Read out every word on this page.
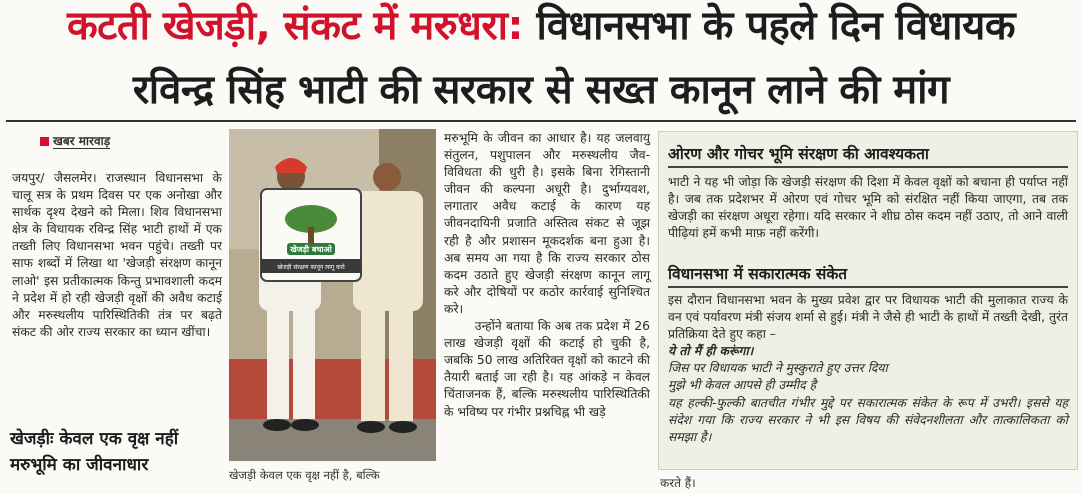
कटती खेजड़ी, संकट में मरुधरा: विधानसभा के पहले दिन विधायक
रविन्द्र सिंह भाटी की सरकार से सख्त कानून लाने की मांग
खबर मारवाड़

जयपुर/ जैसलमेर। राजस्थान विधानसभा के चालू सत्र के प्रथम दिवस पर एक अनोखा और सार्थक दृश्य देखने को मिला। शिव विधानसभा क्षेत्र के विधायक रविन्द्र सिंह भाटी हाथों में एक तख्ती लिए विधानसभा भवन पहुंचे। तख्ती पर साफ शब्दों में लिखा था 'खेजड़ी संरक्षण कानून लाओ' इस प्रतीकात्मक किन्तु प्रभावशाली कदम ने प्रदेश में हो रही खेजड़ी वृक्षों की अवैध कटाई और मरुस्थलीय पारिस्थितिकी तंत्र पर बढ़ते संकट की ओर राज्य सरकार का ध्यान खींचा।

खेजड़ीः केवल एक वृक्ष नहीं मरुभूमि का जीवनाधार
खेजड़ी बचाओ
खेजड़ी संरक्षण कानून लागू करो
खेजड़ी केवल एक वृक्ष नहीं है, बल्कि

मरुभूमि के जीवन का आधार है। यह जलवायु संतुलन, पशुपालन और मरुस्थलीय जैव-विविधता की धुरी है। इसके बिना रेगिस्तानी जीवन की कल्पना अधूरी है। दुर्भाग्यवश, लगातार अवैध कटाई के कारण यह जीवनदायिनी प्रजाति अस्तित्व संकट से जूझ रही है और प्रशासन मूकदर्शक बना हुआ है। अब समय आ गया है कि राज्य सरकार ठोस कदम उठाते हुए खेजड़ी संरक्षण कानून लागू करे और दोषियों पर कठोर कार्रवाई सुनिश्चित करे।

उन्होंने बताया कि अब तक प्रदेश में 26 लाख खेजड़ी वृक्षों की कटाई हो चुकी है, जबकि 50 लाख अतिरिक्त वृक्षों को काटने की तैयारी बताई जा रही है। यह आंकड़े न केवल चिंताजनक हैं, बल्कि मरुस्थलीय पारिस्थितिकी के भविष्य पर गंभीर प्रश्नचिह्न भी खड़े

ओरण और गोचर भूमि संरक्षण की आवश्यकता
भाटी ने यह भी जोड़ा कि खेजड़ी संरक्षण की दिशा में केवल वृक्षों को बचाना ही पर्याप्त नहीं है। जब तक प्रदेशभर में ओरण एवं गोचर भूमि को संरक्षित नहीं किया जाएगा, तब तक खेजड़ी का संरक्षण अधूरा रहेगा। यदि सरकार ने शीघ्र ठोस कदम नहीं उठाए, तो आने वाली पीढ़ियां हमें कभी माफ़ नहीं करेंगी।
विधानसभा में सकारात्मक संकेत

इस दौरान विधानसभा भवन के मुख्य प्रवेश द्वार पर विधायक भाटी की मुलाकात राज्य के वन एवं पर्यावरण मंत्री संजय शर्मा से हुई। मंत्री ने जैसे ही भाटी के हाथों में तख्ती देखी, तुरंत प्रतिक्रिया देते हुए कहा –

ये तो मैं ही करूंगा।

जिस पर विधायक भाटी ने मुस्कुराते हुए उत्तर दिया

मुझे भी केवल आपसे ही उम्मीद है

यह हल्की-फुल्की बातचीत गंभीर मुद्दे पर सकारात्मक संकेत के रूप में उभरी। इससे यह संदेश गया कि राज्य सरकार ने भी इस विषय की संवेदनशीलता और तात्कालिकता को समझा है।

करते हैं।
